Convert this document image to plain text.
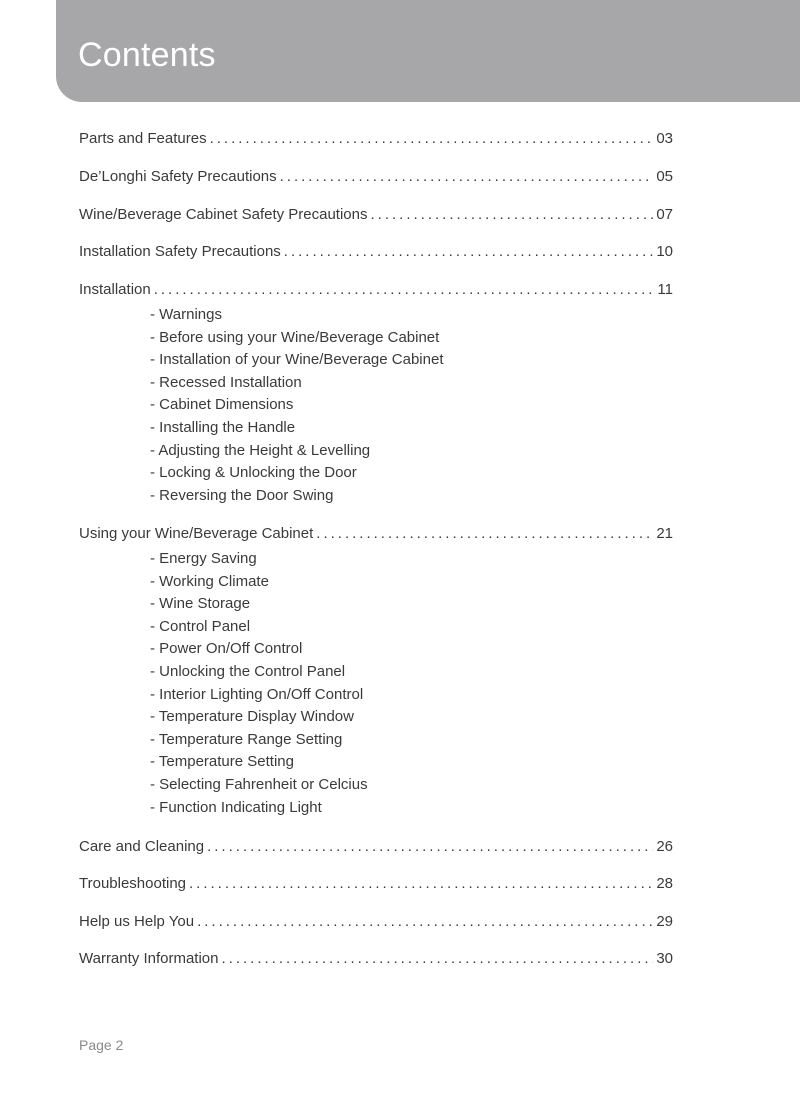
Contents
Parts and Features .....	03
De’Longhi Safety Precautions .....	05
Wine/Beverage Cabinet Safety Precautions .....	07
Installation Safety Precautions .....	10
Installation .....	11
- Warnings
- Before using your Wine/Beverage Cabinet
- Installation of your Wine/Beverage Cabinet
- Recessed Installation
- Cabinet Dimensions
- Installing the Handle
- Adjusting the Height & Levelling
- Locking & Unlocking the Door
- Reversing the Door Swing
Using your Wine/Beverage Cabinet .....	21
- Energy Saving
- Working Climate
- Wine Storage
- Control Panel
- Power On/Off Control
- Unlocking the Control Panel
- Interior Lighting On/Off Control
- Temperature Display Window
- Temperature Range Setting
- Temperature Setting
- Selecting Fahrenheit or Celcius
- Function Indicating Light
Care and Cleaning .....	26
Troubleshooting .....	28
Help us Help You .....	29
Warranty Information .....	30
Page 2
